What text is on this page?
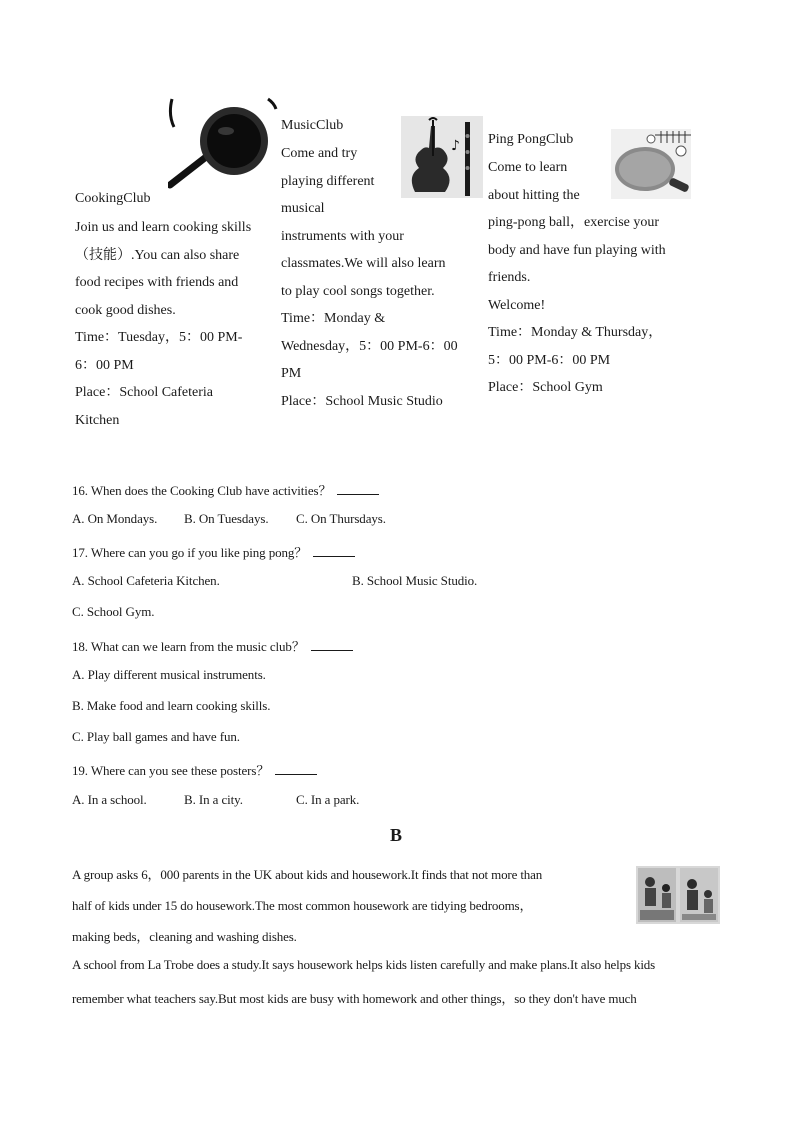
CookingClub
Join us and learn cooking skills
（技能）.You can also share
food recipes with friends and
cook good dishes.
Time：Tuesday，5：00 PM-
6：00 PM
Place：School Cafeteria
Kitchen
MusicClub
♪
Come and try
playing different
musical
instruments with your
classmates.We will also learn
to play cool songs together.
Time：Monday &
Wednesday，5：00 PM-6：00
PM
Place：School Music Studio
Ping PongClub
Come to learn
about hitting the
ping-pong ball，exercise your
body and have fun playing with
friends.
Welcome!
Time：Monday & Thursday，
5：00 PM-6：00 PM
Place：School Gym
16. When does the Cooking Club have activities？
A. On Mondays. B. On Tuesdays. C. On Thursdays.
17. Where can you go if you like ping pong？
A. School Cafeteria Kitchen.	B. School Music Studio.
C. School Gym.
18. What can we learn from the music club？
A. Play different musical instruments.
B. Make food and learn cooking skills.
C. Play ball games and have fun.
19. Where can you see these posters？
A. In a school.	B. In a city.	C. In a park.
B
A group asks 6，000 parents in the UK about kids and housework.It finds that not more than
half of kids under 15 do housework.The most common housework are tidying bedrooms，
making beds，cleaning and washing dishes.
A school from La Trobe does a study.It says housework helps kids listen carefully and make plans.It also helps kids
remember what teachers say.But most kids are busy with homework and other things，so they don't have much
